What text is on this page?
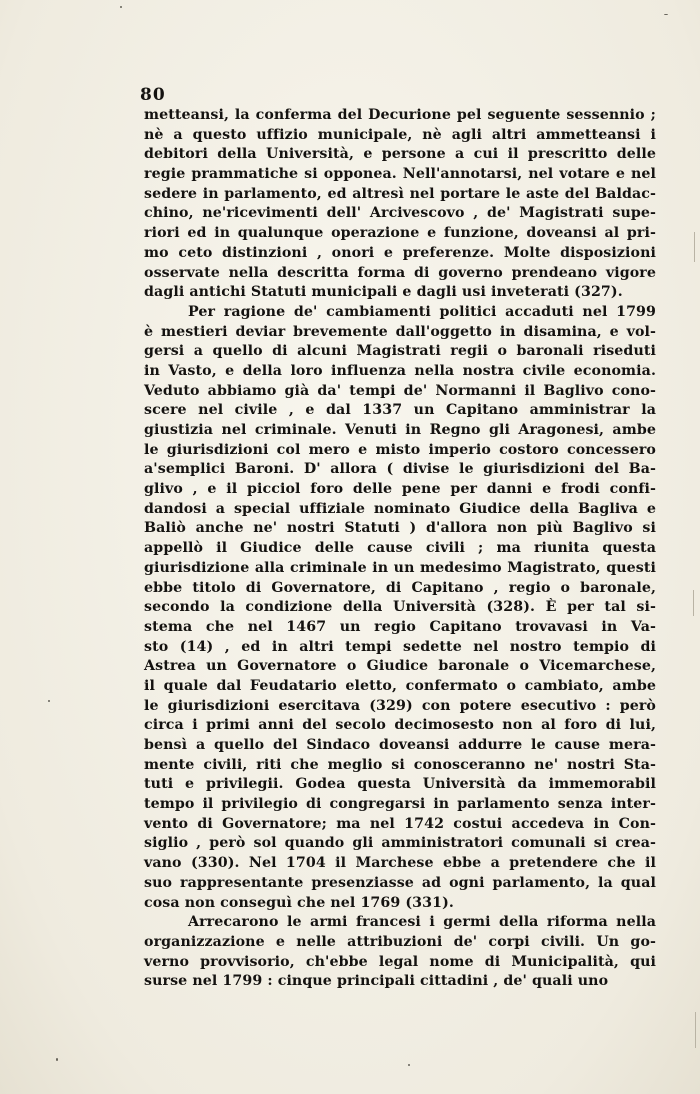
80
metteansi, la conferma del Decurione pel seguente sessennio ;
nè a questo uffizio municipale, nè agli altri ammetteansi i
debitori della Università, e persone a cui il prescritto delle
regie prammatiche si opponea. Nell'annotarsi, nel votare e nel
sedere in parlamento, ed altresì nel portare le aste del Baldac-
chino, ne'ricevimenti dell' Arcivescovo , de' Magistrati supe-
riori ed in qualunque operazione e funzione, doveansi al pri-
mo ceto distinzioni , onori e preferenze. Molte disposizioni
osservate nella descritta forma di governo prendeano vigore
dagli antichi Statuti municipali e dagli usi inveterati (327).
Per ragione de' cambiamenti politici accaduti nel 1799
è mestieri deviar brevemente dall'oggetto in disamina, e vol-
gersi a quello di alcuni Magistrati regii o baronali riseduti
in Vasto, e della loro influenza nella nostra civile economia.
Veduto abbiamo già da' tempi de' Normanni il Baglivo cono-
scere nel civile , e dal 1337 un Capitano amministrar la
giustizia nel criminale. Venuti in Regno gli Aragonesi, ambe
le giurisdizioni col mero e misto imperio costoro concessero
a'semplici Baroni. D' allora ( divise le giurisdizioni del Ba-
glivo , e il picciol foro delle pene per danni e frodi confi-
dandosi a special uffiziale nominato Giudice della Bagliva e
Baliò anche ne' nostri Statuti ) d'allora non più Baglivo si
appellò il Giudice delle cause civili ; ma riunita questa
giurisdizione alla criminale in un medesimo Magistrato, questi
ebbe titolo di Governatore, di Capitano , regio o baronale,
secondo la condizione della Università (328). È per tal si-
stema che nel 1467 un regio Capitano trovavasi in Va-
sto (14) , ed in altri tempi sedette nel nostro tempio di
Astrea un Governatore o Giudice baronale o Vicemarchese,
il quale dal Feudatario eletto, confermato o cambiato, ambe
le giurisdizioni esercitava (329) con potere esecutivo : però
circa i primi anni del secolo decimosesto non al foro di lui,
bensì a quello del Sindaco doveansi addurre le cause mera-
mente civili, riti che meglio si conosceranno ne' nostri Sta-
tuti e privilegii. Godea questa Università da immemorabil
tempo il privilegio di congregarsi in parlamento senza inter-
vento di Governatore; ma nel 1742 costui accedeva in Con-
siglio , però sol quando gli amministratori comunali si crea-
vano (330). Nel 1704 il Marchese ebbe a pretendere che il
suo rappresentante presenziasse ad ogni parlamento, la qual
cosa non conseguì che nel 1769 (331).
Arrecarono le armi francesi i germi della riforma nella
organizzazione e nelle attribuzioni de' corpi civili. Un go-
verno provvisorio, ch'ebbe legal nome di Municipalità, qui
surse nel 1799 : cinque principali cittadini , de' quali uno
